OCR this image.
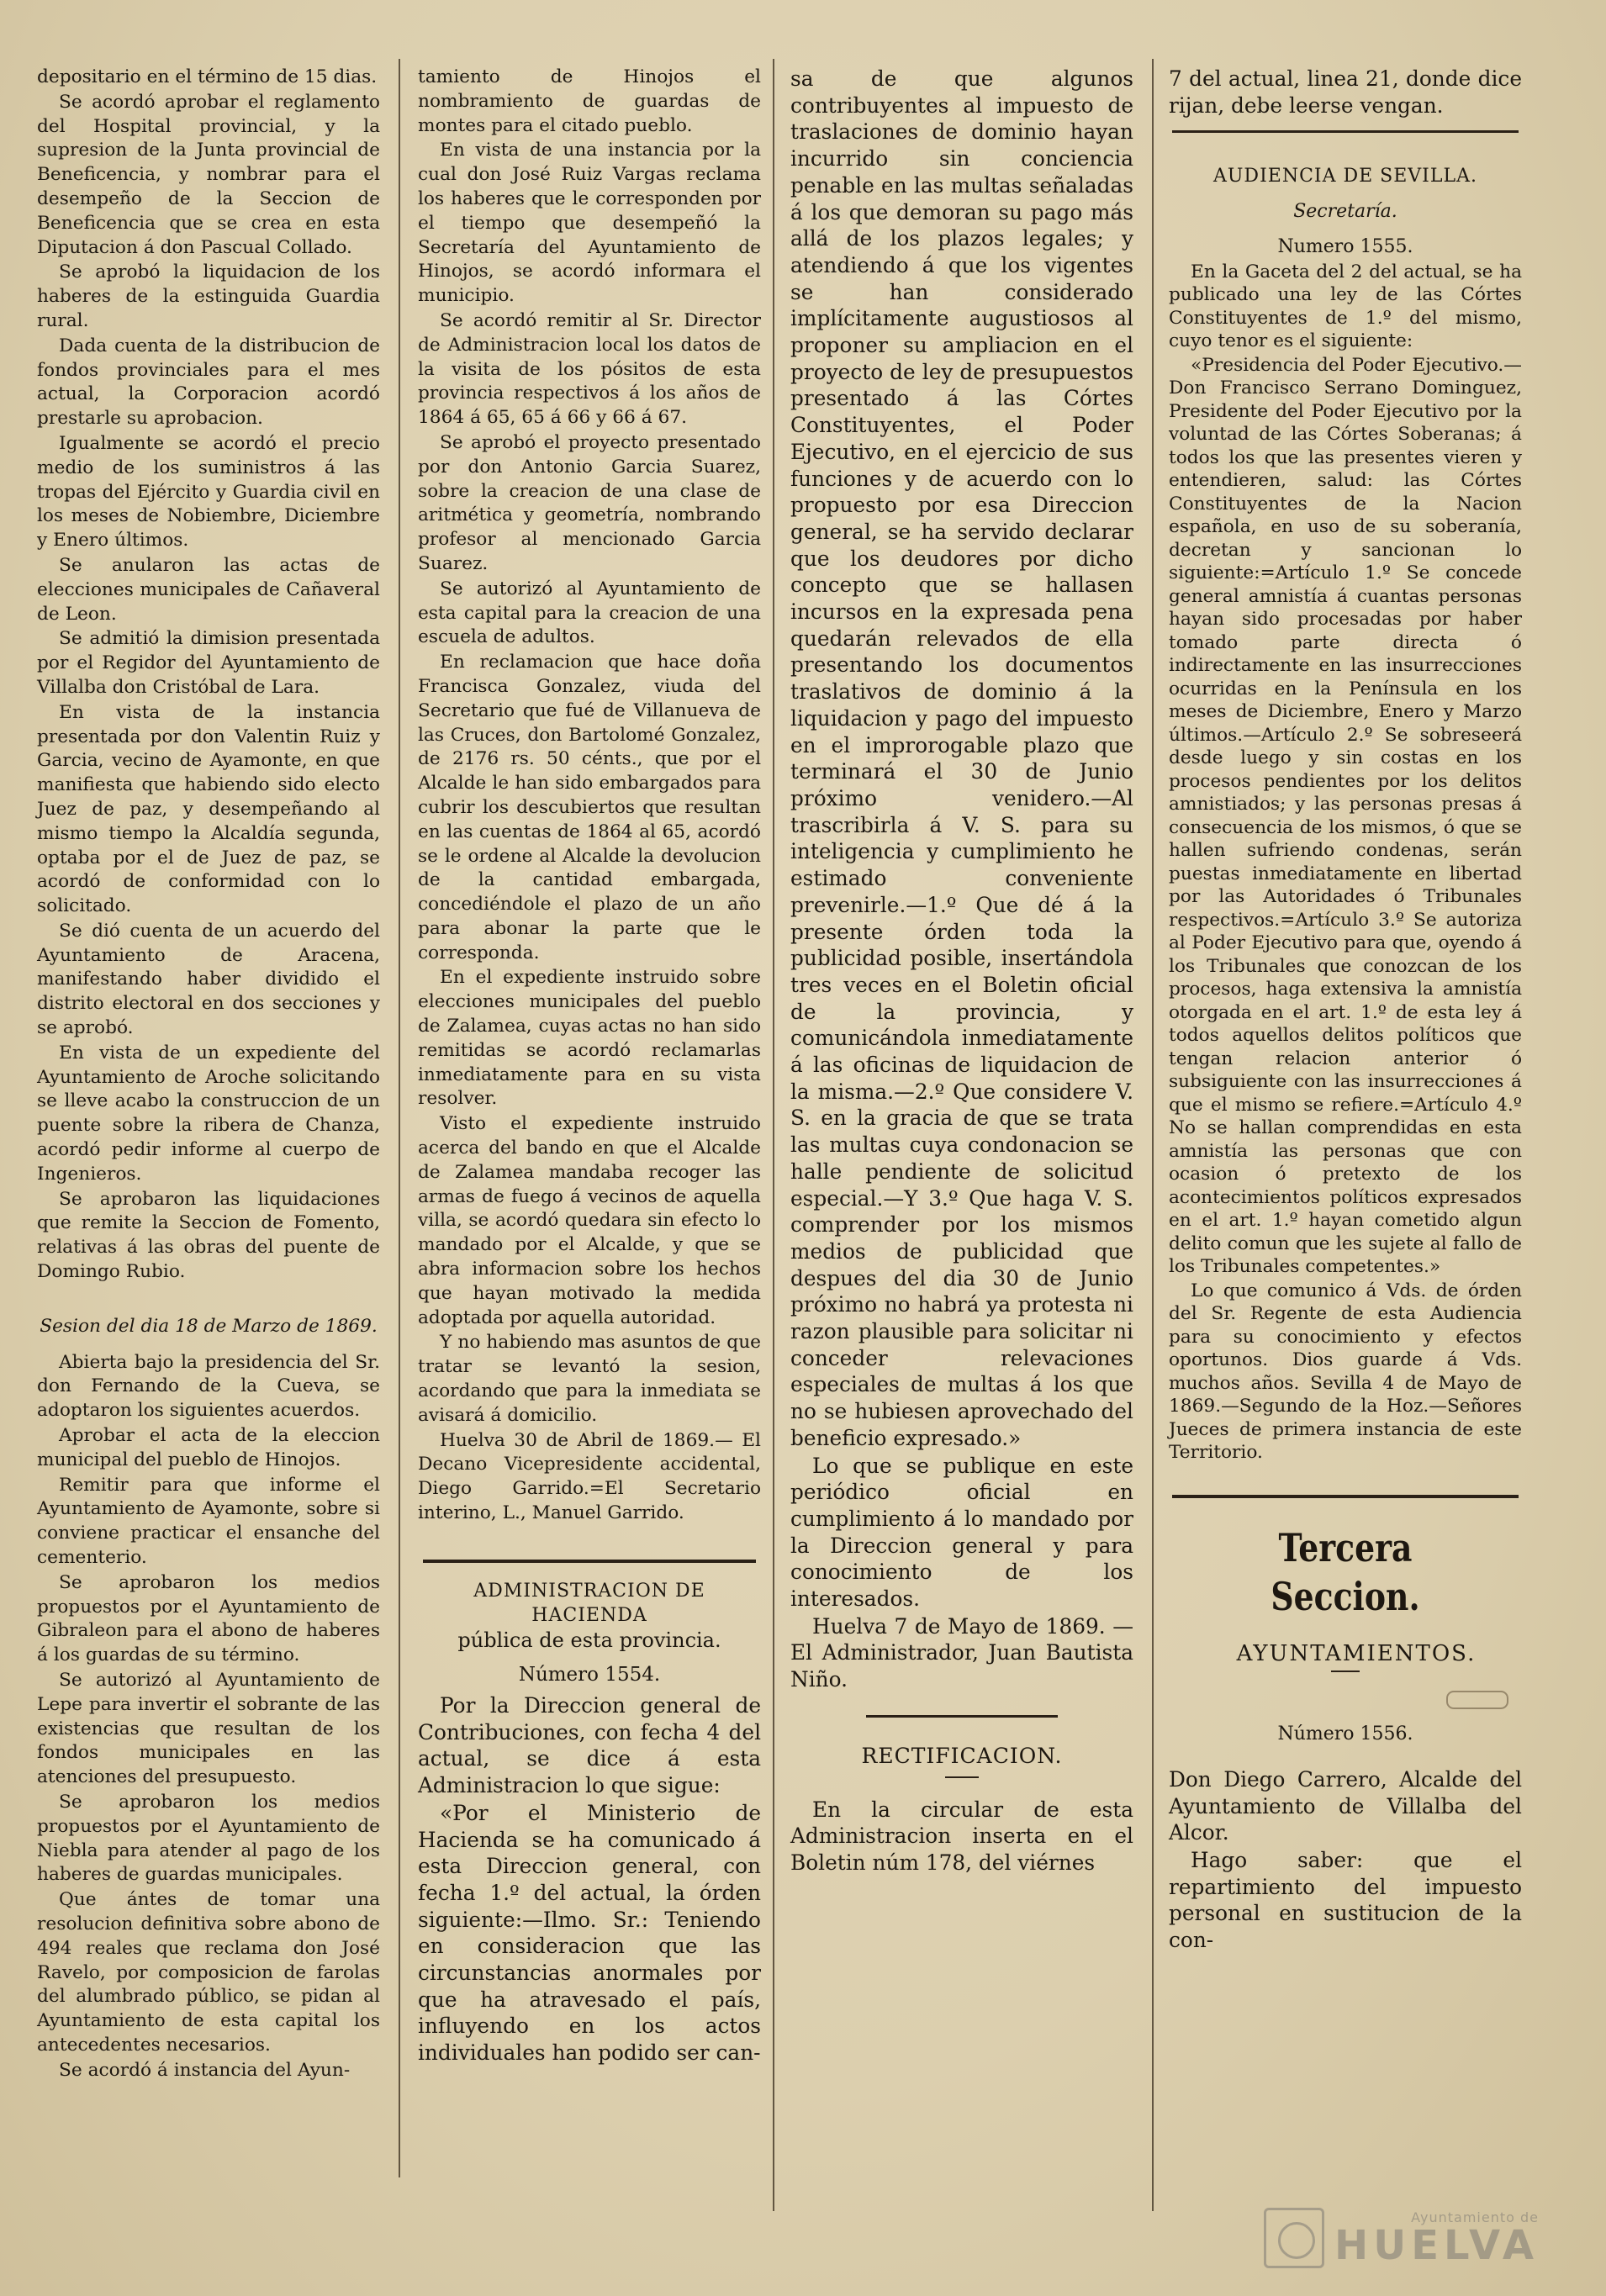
depositario en el término de 15 dias.

Se acordó aprobar el reglamento del Hospital provincial, y la supresion de la Junta provincial de Beneficencia, y nombrar para el desempeño de la Seccion de Beneficencia que se crea en esta Diputacion á don Pascual Collado.

Se aprobó la liquidacion de los haberes de la estinguida Guardia rural.

Dada cuenta de la distribucion de fondos provinciales para el mes actual, la Corporacion acordó prestarle su aprobacion.

Igualmente se acordó el precio medio de los suministros á las tropas del Ejército y Guardia civil en los meses de Nobiembre, Diciembre y Enero últimos.

Se anularon las actas de elecciones municipales de Cañaveral de Leon.

Se admitió la dimision presentada por el Regidor del Ayuntamiento de Villalba don Cristóbal de Lara.

En vista de la instancia presentada por don Valentin Ruiz y Garcia, vecino de Ayamonte, en que manifiesta que habiendo sido electo Juez de paz, y desempeñando al mismo tiempo la Alcaldía segunda, optaba por el de Juez de paz, se acordó de conformidad con lo solicitado.

Se dió cuenta de un acuerdo del Ayuntamiento de Aracena, manifestando haber dividido el distrito electoral en dos secciones y se aprobó.

En vista de un expediente del Ayuntamiento de Aroche solicitando se lleve acabo la construccion de un puente sobre la ribera de Chanza, acordó pedir informe al cuerpo de Ingenieros.

Se aprobaron las liquidaciones que remite la Seccion de Fomento, relativas á las obras del puente de Domingo Rubio.

Sesion del dia 18 de Marzo de 1869.

Abierta bajo la presidencia del Sr. don Fernando de la Cueva, se adoptaron los siguientes acuerdos.

Aprobar el acta de la eleccion municipal del pueblo de Hinojos.

Remitir para que informe el Ayuntamiento de Ayamonte, sobre si conviene practicar el ensanche del cementerio.

Se aprobaron los medios propuestos por el Ayuntamiento de Gibraleon para el abono de haberes á los guardas de su término.

Se autorizó al Ayuntamiento de Lepe para invertir el sobrante de las existencias que resultan de los fondos municipales en las atenciones del presupuesto.

Se aprobaron los medios propuestos por el Ayuntamiento de Niebla para atender al pago de los haberes de guardas municipales.

Que ántes de tomar una resolucion definitiva sobre abono de 494 reales que reclama don José Ravelo, por composicion de farolas del alumbrado público, se pidan al Ayuntamiento de esta capital los antecedentes necesarios.

Se acordó á instancia del Ayun-

tamiento de Hinojos el nombramiento de guardas de montes para el citado pueblo.

En vista de una instancia por la cual don José Ruiz Vargas reclama los haberes que le corresponden por el tiempo que desempeñó la Secretaría del Ayuntamiento de Hinojos, se acordó informara el municipio.

Se acordó remitir al Sr. Director de Administracion local los datos de la visita de los pósitos de esta provincia respectivos á los años de 1864 á 65, 65 á 66 y 66 á 67.

Se aprobó el proyecto presentado por don Antonio Garcia Suarez, sobre la creacion de una clase de aritmética y geometría, nombrando profesor al mencionado Garcia Suarez.

Se autorizó al Ayuntamiento de esta capital para la creacion de una escuela de adultos.

En reclamacion que hace doña Francisca Gonzalez, viuda del Secretario que fué de Villanueva de las Cruces, don Bartolomé Gonzalez, de 2176 rs. 50 cénts., que por el Alcalde le han sido embargados para cubrir los descubiertos que resultan en las cuentas de 1864 al 65, acordó se le ordene al Alcalde la devolucion de la cantidad embargada, concediéndole el plazo de un año para abonar la parte que le corresponda.

En el expediente instruido sobre elecciones municipales del pueblo de Zalamea, cuyas actas no han sido remitidas se acordó reclamarlas inmediatamente para en su vista resolver.

Visto el expediente instruido acerca del bando en que el Alcalde de Zalamea mandaba recoger las armas de fuego á vecinos de aquella villa, se acordó quedara sin efecto lo mandado por el Alcalde, y que se abra informacion sobre los hechos que hayan motivado la medida adoptada por aquella autoridad.

Y no habiendo mas asuntos de que tratar se levantó la sesion, acordando que para la inmediata se avisará á domicilio.

Huelva 30 de Abril de 1869.— El Decano Vicepresidente accidental, Diego Garrido.=El Secretario interino, L., Manuel Garrido.

ADMINISTRACION DE HACIENDA

pública de esta provincia.

Número 1554.

Por la Direccion general de Contribuciones, con fecha 4 del actual, se dice á esta Administracion lo que sigue:

«Por el Ministerio de Hacienda se ha comunicado á esta Direccion general, con fecha 1.º del actual, la órden siguiente:—Ilmo. Sr.: Teniendo en consideracion que las circunstancias anormales por que ha atravesado el país, influyendo en los actos individuales han podido ser can-

sa de que algunos contribuyentes al impuesto de traslaciones de dominio hayan incurrido sin conciencia penable en las multas señaladas á los que demoran su pago más allá de los plazos legales; y atendiendo á que los vigentes se han considerado implícitamente augustiosos al proponer su ampliacion en el proyecto de ley de presupuestos presentado á las Córtes Constituyentes, el Poder Ejecutivo, en el ejercicio de sus funciones y de acuerdo con lo propuesto por esa Direccion general, se ha servido declarar que los deudores por dicho concepto que se hallasen incursos en la expresada pena quedarán relevados de ella presentando los documentos traslativos de dominio á la liquidacion y pago del impuesto en el improrogable plazo que terminará el 30 de Junio próximo venidero.—Al trascribirla á V. S. para su inteligencia y cumplimiento he estimado conveniente prevenirle.—1.º Que dé á la presente órden toda la publicidad posible, insertándola tres veces en el Boletin oficial de la provincia, y comunicándola inmediatamente á las oficinas de liquidacion de la misma.—2.º Que considere V. S. en la gracia de que se trata las multas cuya condonacion se halle pendiente de solicitud especial.—Y 3.º Que haga V. S. comprender por los mismos medios de publicidad que despues del dia 30 de Junio próximo no habrá ya protesta ni razon plausible para solicitar ni conceder relevaciones especiales de multas á los que no se hubiesen aprovechado del beneficio expresado.»

Lo que se publique en este periódico oficial en cumplimiento á lo mandado por la Direccion general y para conocimiento de los interesados.

Huelva 7 de Mayo de 1869. —El Administrador, Juan Bautista Niño.

RECTIFICACION.

En la circular de esta Administracion inserta en el Boletin núm 178, del viérnes

7 del actual, linea 21, donde dice rijan, debe leerse vengan.

AUDIENCIA DE SEVILLA.

Secretaría.

Numero 1555.

En la Gaceta del 2 del actual, se ha publicado una ley de las Córtes Constituyentes de 1.º del mismo, cuyo tenor es el siguiente:

«Presidencia del Poder Ejecutivo.—Don Francisco Serrano Dominguez, Presidente del Poder Ejecutivo por la voluntad de las Córtes Soberanas; á todos los que las presentes vieren y entendieren, salud: las Córtes Constituyentes de la Nacion española, en uso de su soberanía, decretan y sancionan lo siguiente:=Artículo 1.º Se concede general amnistía á cuantas personas hayan sido procesadas por haber tomado parte directa ó indirectamente en las insurrecciones ocurridas en la Península en los meses de Diciembre, Enero y Marzo últimos.—Artículo 2.º Se sobreseerá desde luego y sin costas en los procesos pendientes por los delitos amnistiados; y las personas presas á consecuencia de los mismos, ó que se hallen sufriendo condenas, serán puestas inmediatamente en libertad por las Autoridades ó Tribunales respectivos.=Artículo 3.º Se autoriza al Poder Ejecutivo para que, oyendo á los Tribunales que conozcan de los procesos, haga extensiva la amnistía otorgada en el art. 1.º de esta ley á todos aquellos delitos políticos que tengan relacion anterior ó subsiguiente con las insurrecciones á que el mismo se refiere.=Artículo 4.º No se hallan comprendidas en esta amnistía las personas que con ocasion ó pretexto de los acontecimientos políticos expresados en el art. 1.º hayan cometido algun delito comun que les sujete al fallo de los Tribunales competentes.»

Lo que comunico á Vds. de órden del Sr. Regente de esta Audiencia para su conocimiento y efectos oportunos. Dios guarde á Vds. muchos años. Sevilla 4 de Mayo de 1869.—Segundo de la Hoz.—Señores Jueces de primera instancia de este Territorio.

Tercera Seccion.

AYUNTAMIENTOS.

Número 1556.

Don Diego Carrero, Alcalde del Ayuntamiento de Villalba del Alcor.

Hago saber: que el repartimiento del impuesto personal en sustitucion de la con-

Ayuntamiento de
HUELVA
